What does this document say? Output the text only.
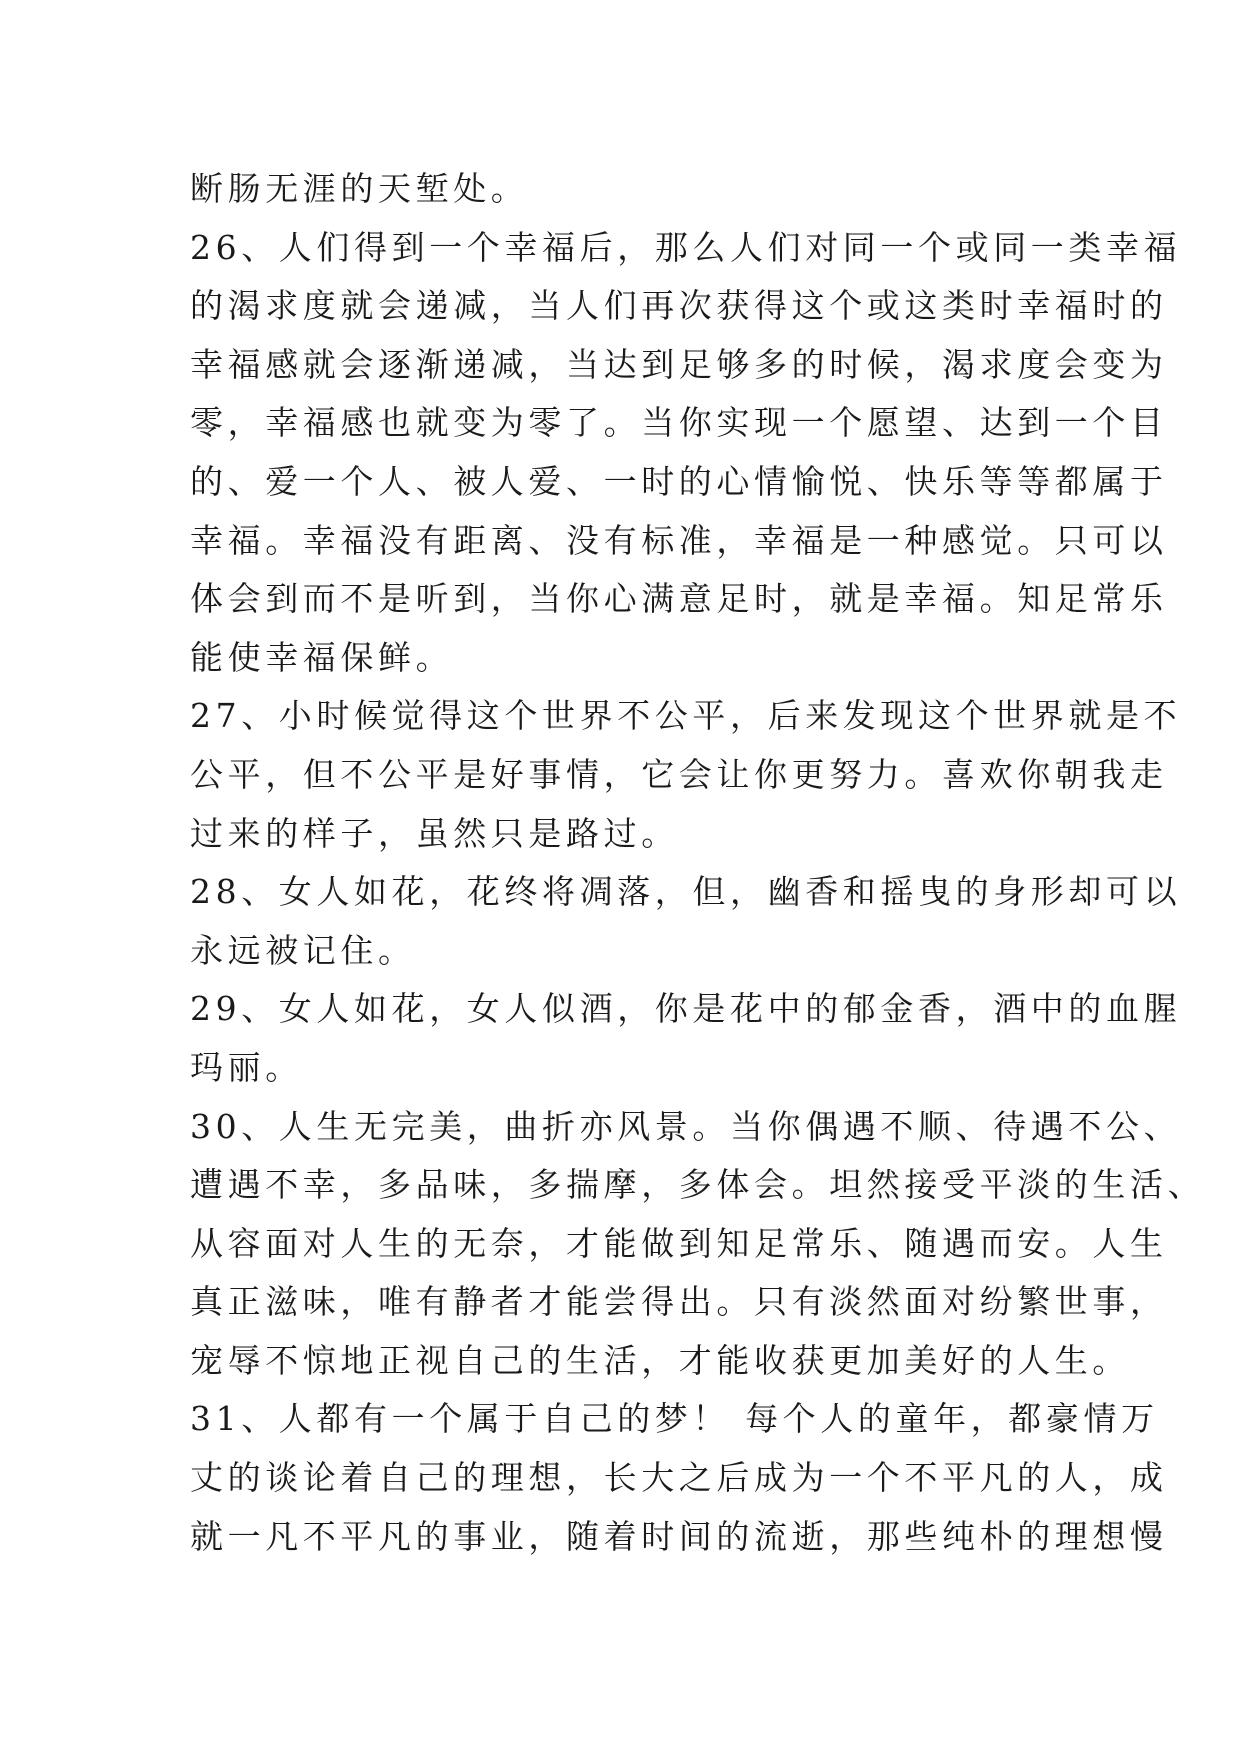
断肠无涯的天堑处。
26、人们得到一个幸福后，那么人们对同一个或同一类幸福
的渴求度就会递减，当人们再次获得这个或这类时幸福时的
幸福感就会逐渐递减，当达到足够多的时候，渴求度会变为
零，幸福感也就变为零了。当你实现一个愿望、达到一个目
的、爱一个人、被人爱、一时的心情愉悦、快乐等等都属于
幸福。幸福没有距离、没有标准，幸福是一种感觉。只可以
体会到而不是听到，当你心满意足时，就是幸福。知足常乐
能使幸福保鲜。
27、小时候觉得这个世界不公平，后来发现这个世界就是不
公平，但不公平是好事情，它会让你更努力。喜欢你朝我走
过来的样子，虽然只是路过。
28、女人如花，花终将凋落，但，幽香和摇曳的身形却可以
永远被记住。
29、女人如花，女人似酒，你是花中的郁金香，酒中的血腥
玛丽。
30、人生无完美，曲折亦风景。当你偶遇不顺、待遇不公、
遭遇不幸，多品味，多揣摩，多体会。坦然接受平淡的生活、
从容面对人生的无奈，才能做到知足常乐、随遇而安。人生
真正滋味，唯有静者才能尝得出。只有淡然面对纷繁世事，
宠辱不惊地正视自己的生活，才能收获更加美好的人生。
31、人都有一个属于自己的梦！ 每个人的童年，都豪情万
丈的谈论着自己的理想，长大之后成为一个不平凡的人，成
就一凡不平凡的事业，随着时间的流逝，那些纯朴的理想慢
